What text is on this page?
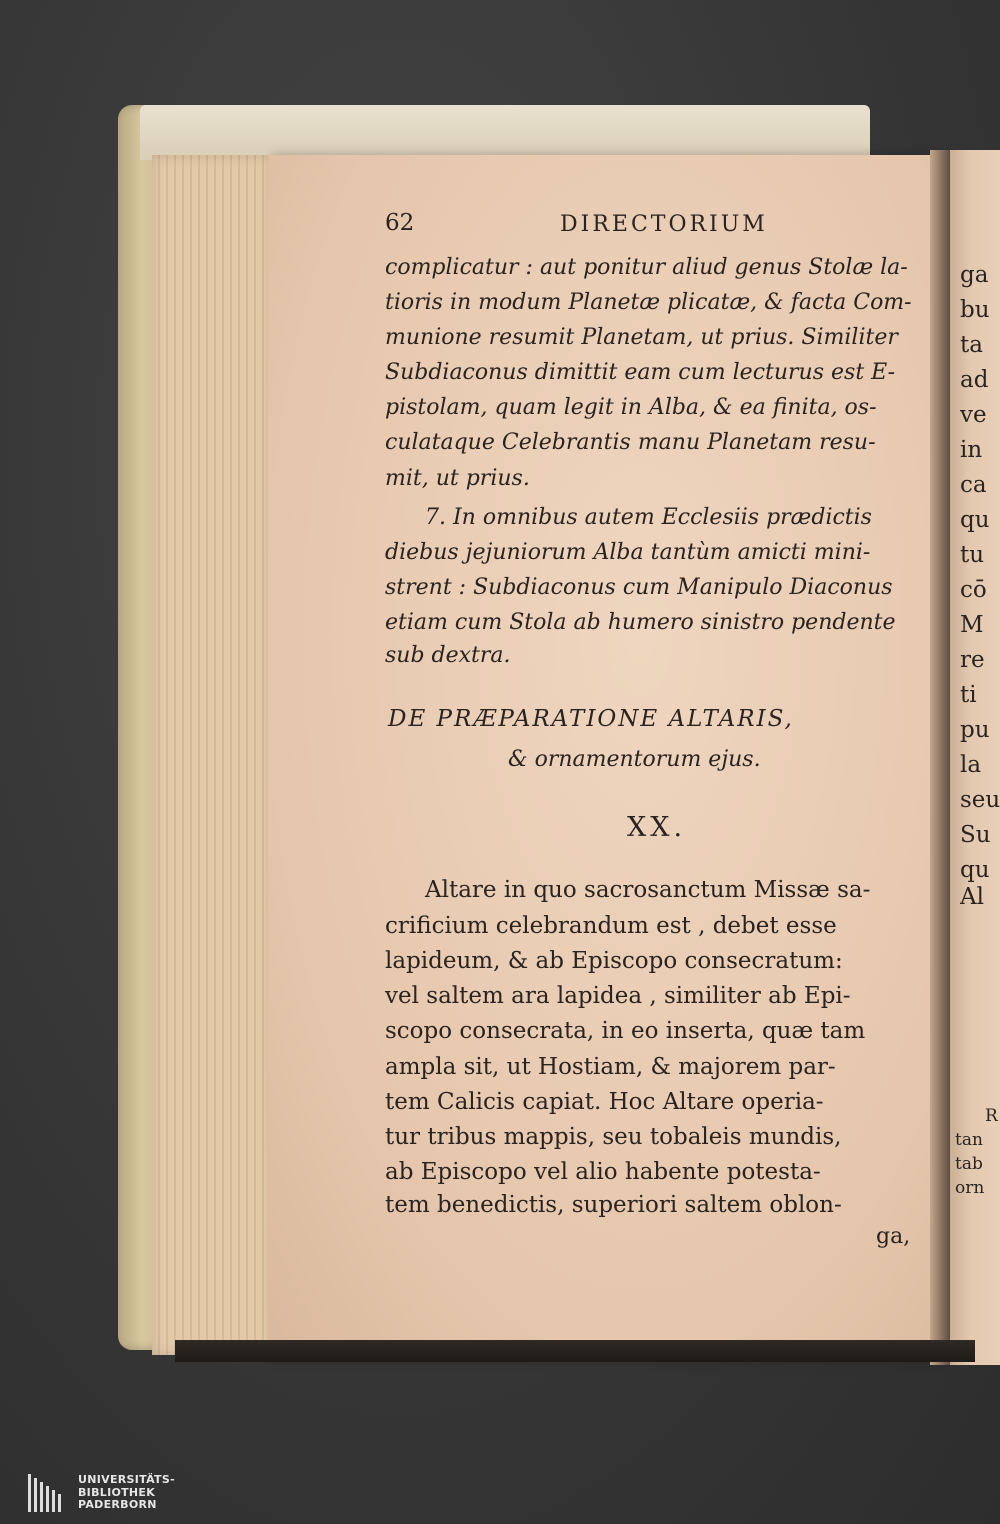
62	DIRECTORIUM
complicatur : aut ponitur aliud genus Stolæ la-
tioris in modum Planetæ plicatæ, & facta Com-
munione resumit Planetam, ut prius. Similiter
Subdiaconus dimittit eam cum lecturus est E-
pistolam, quam legit in Alba, & ea finita, os-
culataque Celebrantis manu Planetam resu-
mit, ut prius.
7. In omnibus autem Ecclesiis prædictis
diebus jejuniorum Alba tantùm amicti mini-
strent : Subdiaconus cum Manipulo Diaconus
etiam cum Stola ab humero sinistro pendente
sub dextra.
DE PRÆPARATIONE ALTARIS,
& ornamentorum ejus.
XX.
Altare in quo sacrosanctum Missæ sa-
crificium celebrandum est , debet esse
lapideum, & ab Episcopo consecratum:
vel saltem ara lapidea , similiter ab Epi-
scopo consecrata, in eo inserta, quæ tam
ampla sit, ut Hostiam, & majorem par-
tem Calicis capiat. Hoc Altare operia-
tur tribus mappis, seu tobaleis mundis,
ab Episcopo vel alio habente potesta-
tem benedictis, superiori saltem oblon-
ga,
ga
bu
ta
ad
ve
in
ca
qu
tu
cō
M
re
ti
pu
la
seu
Su
qu
Al
R
tan
tab
orn
UNIVERSITÄTS-
BIBLIOTHEK
PADERBORN
